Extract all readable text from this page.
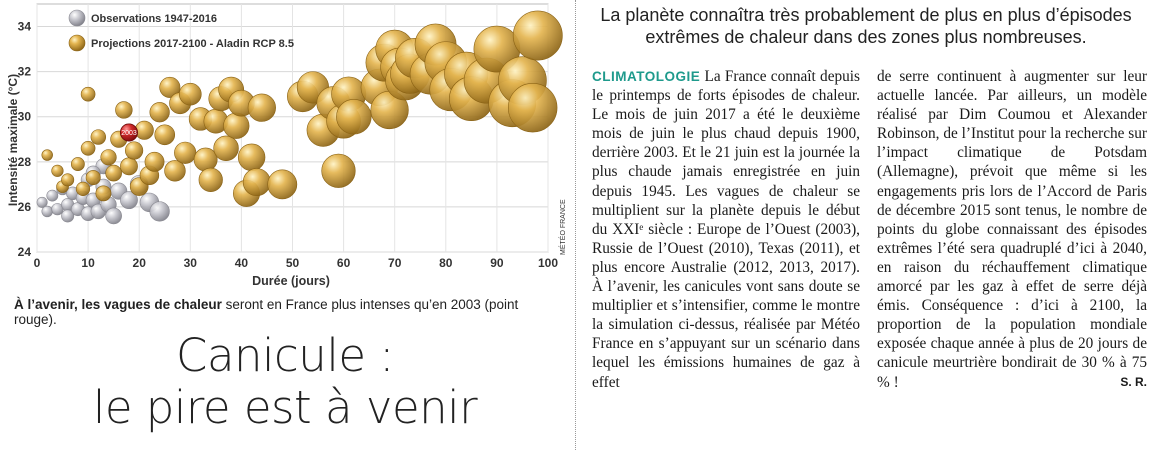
24
26
28
30
32
34
0	10	20	30	40	50	60	70	80	90	100
2003
Observations 1947-2016
Projections 2017-2100 - Aladin RCP 8.5
Intensité maximale (°C)
Durée (jours)
MÉTÉO FRANCE
À l’avenir, les vagues de chaleur seront en France plus intenses qu’en 2003 (point rouge).
Canicule :
le pire est à venir
La planète connaîtra très probablement de plus en plus d’épisodes
extrêmes de chaleur dans des zones plus nombreuses.
CLIMATOLOGIE La France connaît depuis le printemps de forts épisodes de chaleur. Le mois de juin 2017 a été le deuxième mois de juin le plus chaud depuis 1900, derrière 2003. Et le 21 juin est la journée la plus chaude jamais enregistrée en juin depuis 1945. Les vagues de chaleur se multiplient sur la planète depuis le début du XXIᵉ siècle : Europe de l’Ouest (2003), Russie de l’Ouest (2010), Texas (2011), et plus encore Australie (2012, 2013, 2017). À l’avenir, les canicules vont sans doute se multiplier et s’intensifier, comme le montre la simulation ci-dessus, réalisée par Météo France en s’appuyant sur un scénario dans lequel les émissions humaines de gaz à effet
de serre continuent à augmenter sur leur actuelle lancée. Par ailleurs, un modèle réalisé par Dim Coumou et Alexander Robinson, de l’Institut pour la recherche sur l’impact climatique de Potsdam (Allemagne), prévoit que même si les engagements pris lors de l’Accord de Paris de décembre 2015 sont tenus, le nombre de points du globe connaissant des épisodes extrêmes l’été sera quadruplé d’ici à 2040, en raison du réchauffement climatique amorcé par les gaz à effet de serre déjà émis. Conséquence : d’ici à 2100, la proportion de la population mondiale exposée chaque année à plus de 20 jours de canicule meurtrière bondirait de 30 % à 75 % !	S. R.
